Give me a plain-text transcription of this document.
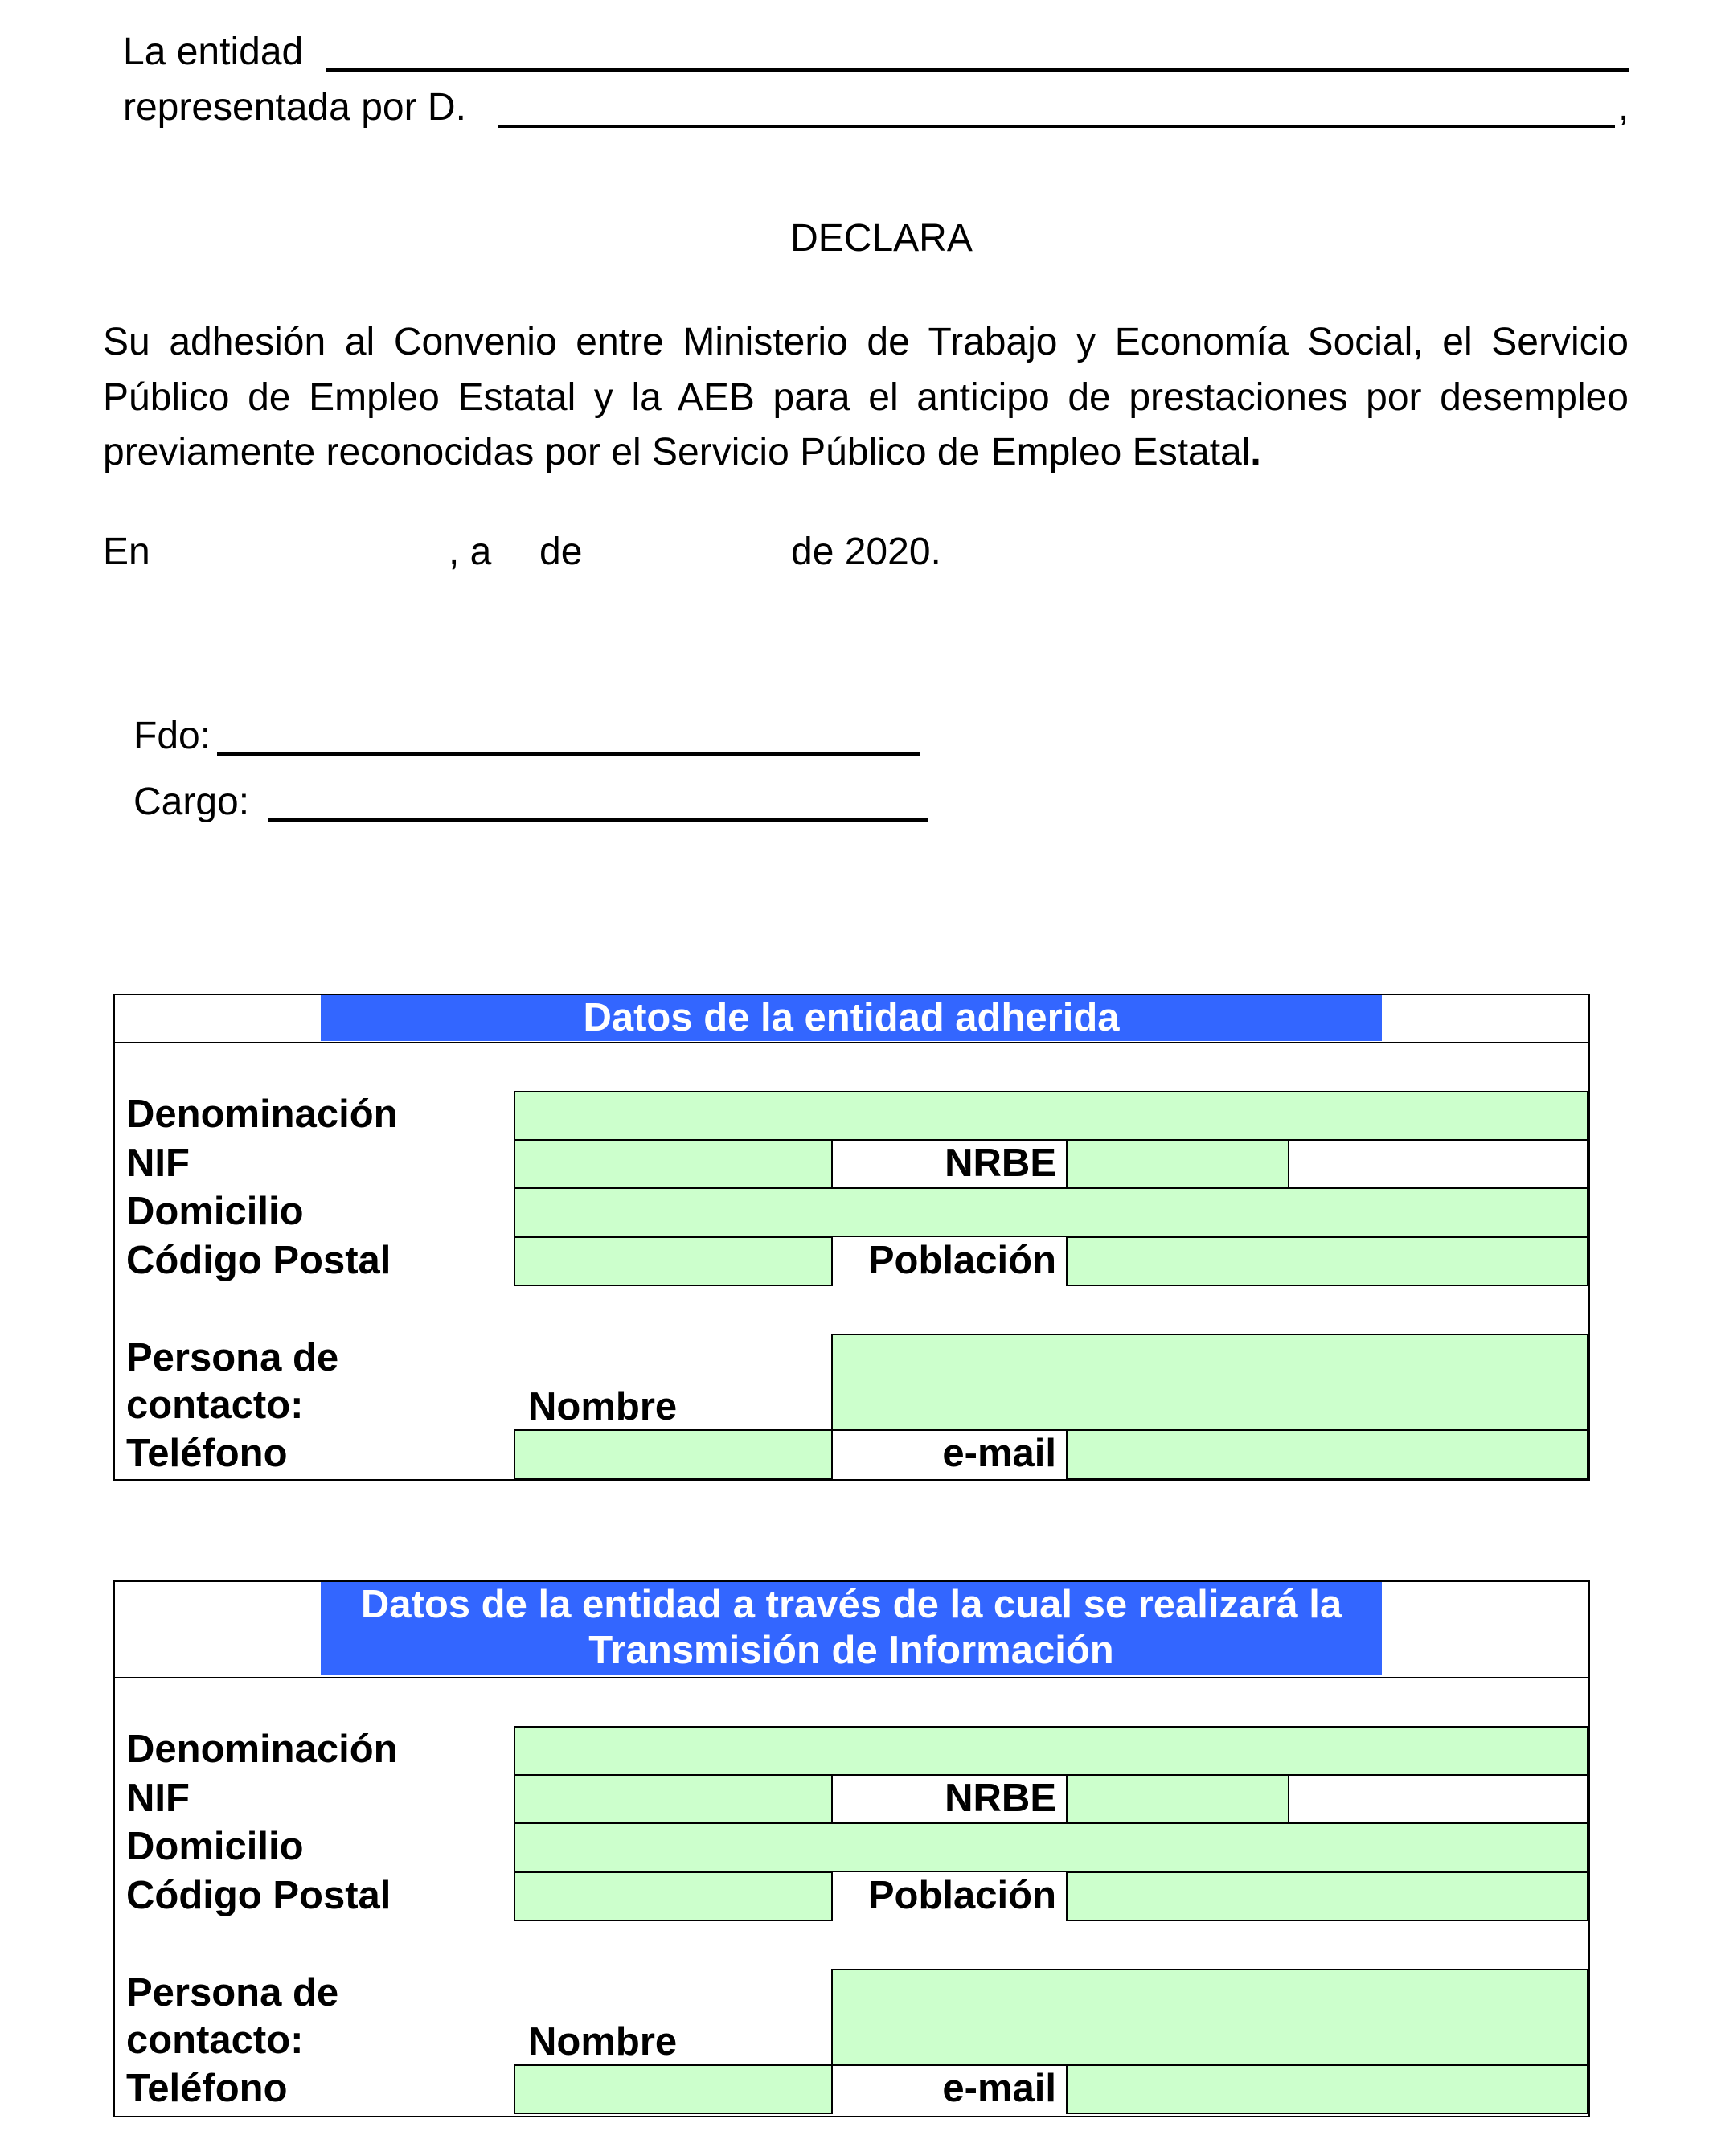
La entidad
representada por D.	,
DECLARA
Su adhesión al Convenio entre Ministerio de Trabajo y Economía Social, el Servicio
Público de Empleo Estatal y la AEB para el anticipo de prestaciones por desempleo
previamente reconocidas por el Servicio Público de Empleo Estatal.
En	, a de	de 2020.
Fdo:
Cargo:
Datos de la entidad adherida
Denominación
NIF	NRBE
Domicilio
Código Postal	Población
Persona de
contacto:	Nombre
Teléfono	e-mail
Datos de la entidad a través de la cual se realizará la
Transmisión de Información
Denominación
NIF	NRBE
Domicilio
Código Postal	Población
Persona de
contacto:	Nombre
Teléfono	e-mail
